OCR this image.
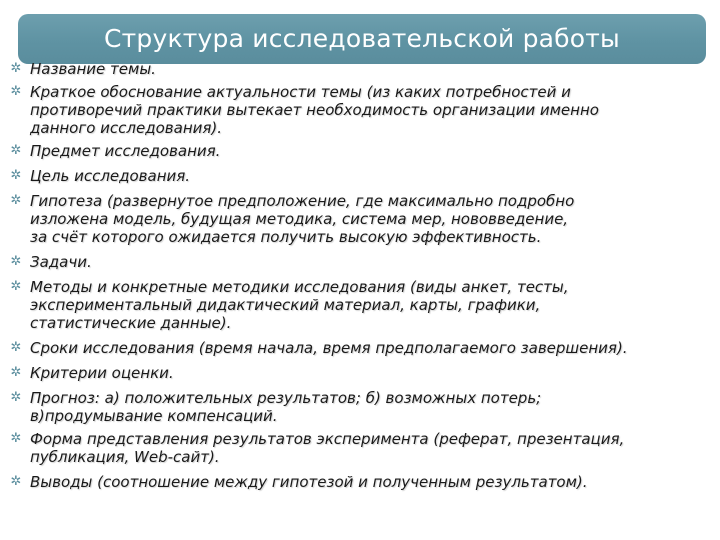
Структура исследовательской работы
✲ Название темы.
✲ Краткое обоснование актуальности темы (из каких потребностей и
противоречий практики вытекает необходимость организации именно
данного исследования).
✲ Предмет исследования.
✲ Цель исследования.
✲ Гипотеза (развернутое предположение, где максимально подробно
изложена модель, будущая методика, система мер, нововведение,
за счёт которого ожидается получить высокую эффективность.
✲ Задачи.
✲ Методы и конкретные методики исследования (виды анкет, тесты,
экспериментальный дидактический материал, карты, графики,
статистические данные).
✲ Сроки исследования (время начала, время предполагаемого завершения).
✲ Критерии оценки.
✲ Прогноз: а) положительных результатов; б) возможных потерь;
в)продумывание компенсаций.
✲ Форма представления результатов эксперимента (реферат, презентация,
публикация, Web-сайт).
✲ Выводы (соотношение между гипотезой и полученным результатом).
